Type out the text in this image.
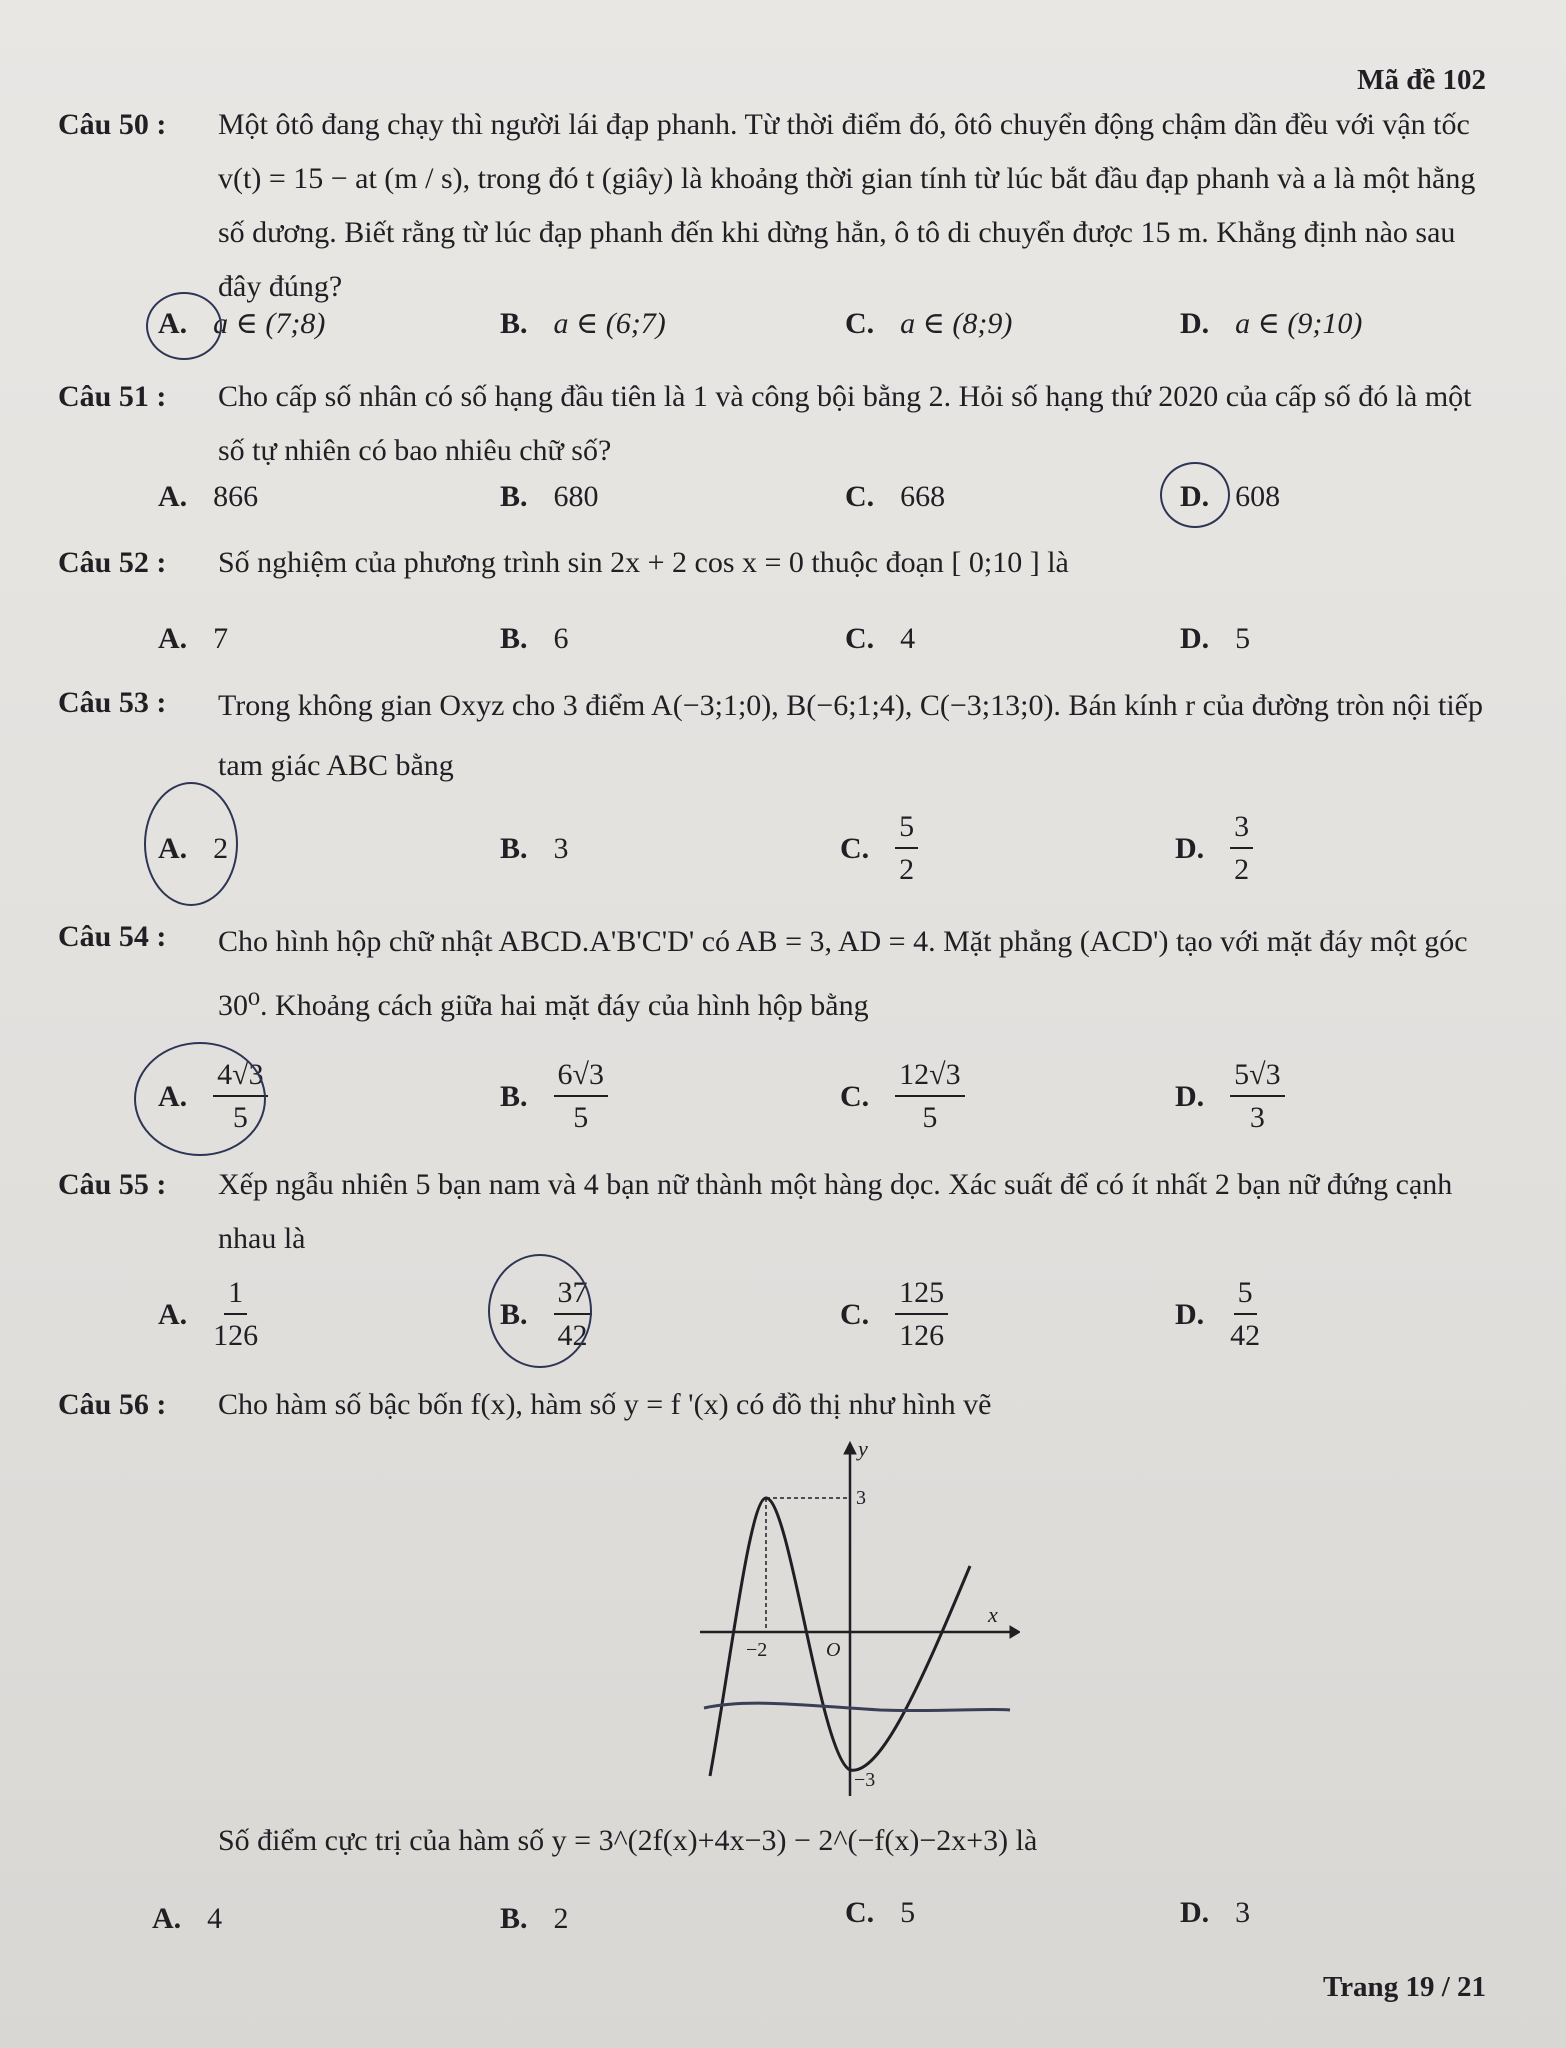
Mã đề 102
Câu 50 : Một ôtô đang chạy thì người lái đạp phanh. Từ thời điểm đó, ôtô chuyển động chậm dần đều với vận tốc v(t) = 15 − at (m / s), trong đó t (giây) là khoảng thời gian tính từ lúc bắt đầu đạp phanh và a là một hằng số dương. Biết rằng từ lúc đạp phanh đến khi dừng hẳn, ô tô di chuyển được 15 m. Khẳng định nào sau đây đúng?
A. a ∈ (7;8)	B. a ∈ (6;7)	C. a ∈ (8;9)	D. a ∈ (9;10)
Câu 51 : Cho cấp số nhân có số hạng đầu tiên là 1 và công bội bằng 2. Hỏi số hạng thứ 2020 của cấp số đó là một số tự nhiên có bao nhiêu chữ số?
A. 866	B. 680	C. 668	D. 608
Câu 52 : Số nghiệm của phương trình sin 2x + 2 cos x = 0 thuộc đoạn [ 0;10 ] là
A. 7	B. 6	C. 4	D. 5
Câu 53 : Trong không gian Oxyz cho 3 điểm A(−3;1;0), B(−6;1;4), C(−3;13;0). Bán kính r của đường tròn nội tiếp tam giác ABC bằng
A. 2	B. 3	C. $\frac{5}{2}$	D. $\frac{3}{2}$
Câu 54 : Cho hình hộp chữ nhật ABCD.A'B'C'D' có AB = 3, AD = 4. Mặt phẳng (ACD') tạo với mặt đáy một góc 30⁰. Khoảng cách giữa hai mặt đáy của hình hộp bằng
A. $\frac{4√3}{5}$	B. $\frac{6√3}{5}$	C. $\frac{12√3}{5}$	D. $\frac{5√3}{3}$
Câu 55 : Xếp ngẫu nhiên 5 bạn nam và 4 bạn nữ thành một hàng dọc. Xác suất để có ít nhất 2 bạn nữ đứng cạnh nhau là
A. $\frac{1}{126}$	B. $\frac{37}{42}$	C. $\frac{125}{126}$	D. $\frac{5}{42}$
Câu 56 : Cho hàm số bậc bốn f(x), hàm số y = f '(x) có đồ thị như hình vẽ
y
x
O
3
−2
−3
Số điểm cực trị của hàm số y = 3^(2f(x)+4x−3) − 2^(−f(x)−2x+3) là
A. 4	B. 2	C. 5	D. 3
Trang 19 / 21
